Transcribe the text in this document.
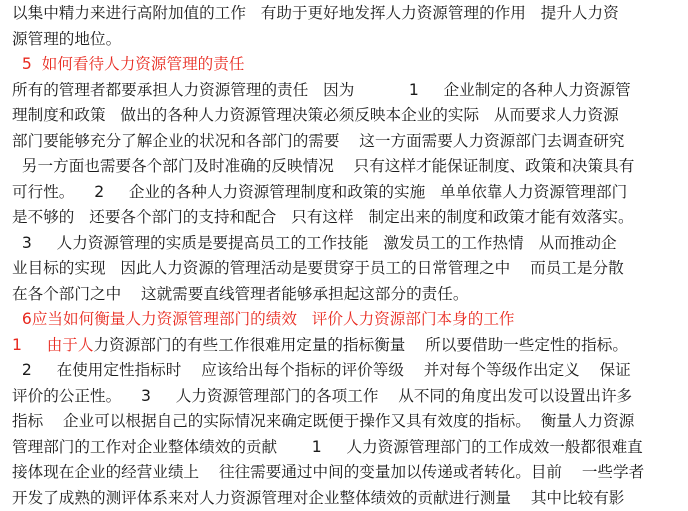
以集中精力来进行高附加值的工作   有助于更好地发挥人力资源管理的作用   提升人力资
源管理的地位。
5  如何看待人力资源管理的责任
所有的管理者都要承担人力资源管理的责任   因为           1     企业制定的各种人力资源管
理制度和政策   做出的各种人力资源管理决策必须反映本企业的实际   从而要求人力资源
部门要能够充分了解企业的状况和各部门的需要    这一方面需要人力资源部门去调查研究
另一方面也需要各个部门及时准确的反映情况    只有这样才能保证制度、政策和决策具有
可行性。    2     企业的各种人力资源管理制度和政策的实施   单单依靠人力资源管理部门
是不够的   还要各个部门的支持和配合   只有这样   制定出来的制度和政策才能有效落实。
3     人力资源管理的实质是要提高员工的工作技能   激发员工的工作热情   从而推动企
业目标的实现   因此人力资源的管理活动是要贯穿于员工的日常管理之中    而员工是分散
在各个部门之中    这就需要直线管理者能够承担起这部分的责任。
6应当如何衡量人力资源管理部门的绩效   评价人力资源部门本身的工作
1     由于人力资源部门的有些工作很难用定量的指标衡量    所以要借助一些定性的指标。
2     在使用定性指标时    应该给出每个指标的评价等级    并对每个等级作出定义    保证
评价的公正性。    3     人力资源管理部门的各项工作    从不同的角度出发可以设置出许多
指标    企业可以根据自己的实际情况来确定既便于操作又具有效度的指标。  衡量人力资源
管理部门的工作对企业整体绩效的贡献       1     人力资源管理部门的工作成效一般都很难直
接体现在企业的经营业绩上    往往需要通过中间的变量加以传递或者转化。目前    一些学者
开发了成熟的测评体系来对人力资源管理对企业整体绩效的贡献进行测量    其中比较有影
